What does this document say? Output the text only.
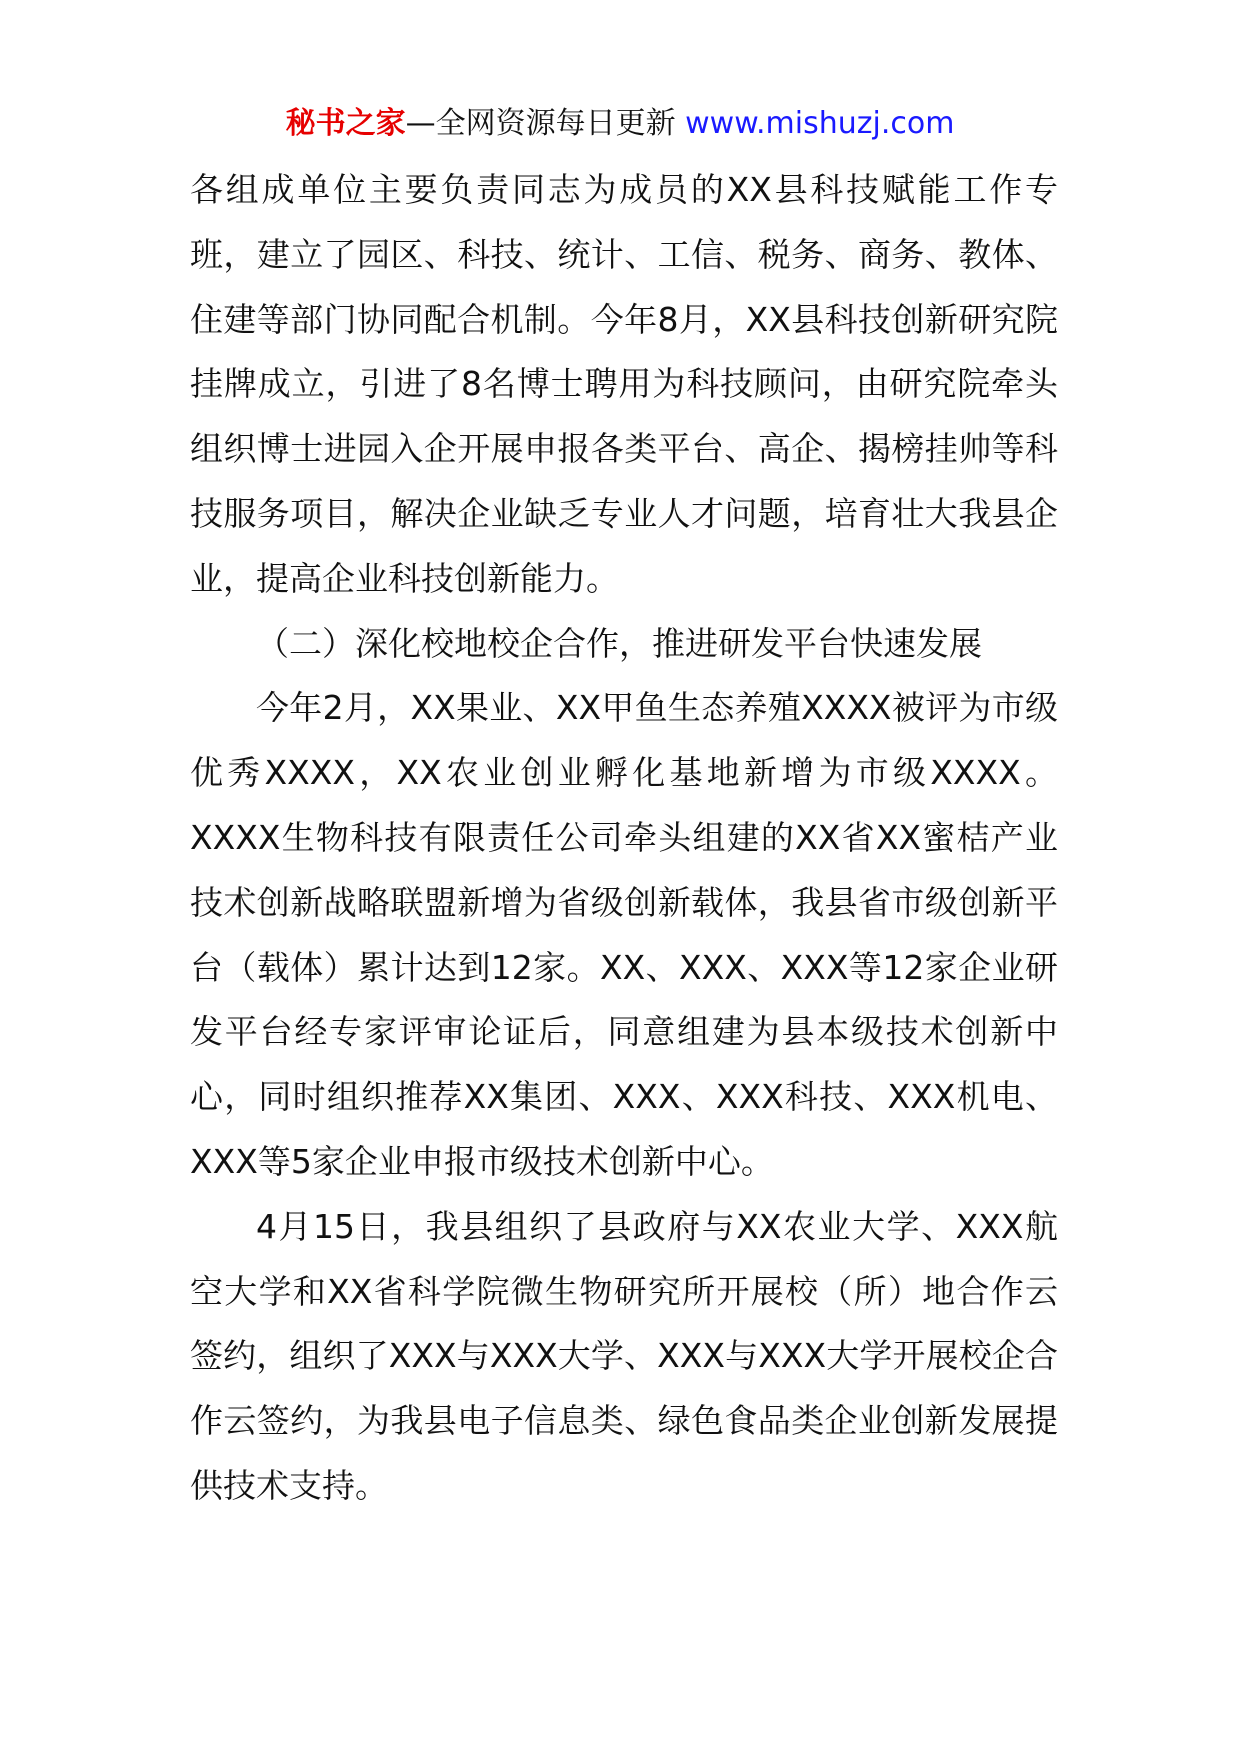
秘书之家—全网资源每日更新 www.mishuzj.com

各组成单位主要负责同志为成员的XX县科技赋能工作专班，建立了园区、科技、统计、工信、税务、商务、教体、住建等部门协同配合机制。今年8月，XX县科技创新研究院挂牌成立，引进了8名博士聘用为科技顾问，由研究院牵头组织博士进园入企开展申报各类平台、高企、揭榜挂帅等科技服务项目，解决企业缺乏专业人才问题，培育壮大我县企业，提高企业科技创新能力。

（二）深化校地校企合作，推进研发平台快速发展

今年2月，XX果业、XX甲鱼生态养殖XXXX被评为市级优秀XXXX，XX农业创业孵化基地新增为市级XXXX。XXXX生物科技有限责任公司牵头组建的XX省XX蜜桔产业技术创新战略联盟新增为省级创新载体，我县省市级创新平台（载体）累计达到12家。XX、XXX、XXX等12家企业研发平台经专家评审论证后，同意组建为县本级技术创新中心，同时组织推荐XX集团、XXX、XXX科技、XXX机电、XXX等5家企业申报市级技术创新中心。

4月15日，我县组织了县政府与XX农业大学、XXX航空大学和XX省科学院微生物研究所开展校（所）地合作云签约，组织了XXX与XXX大学、XXX与XXX大学开展校企合作云签约，为我县电子信息类、绿色食品类企业创新发展提供技术支持。
